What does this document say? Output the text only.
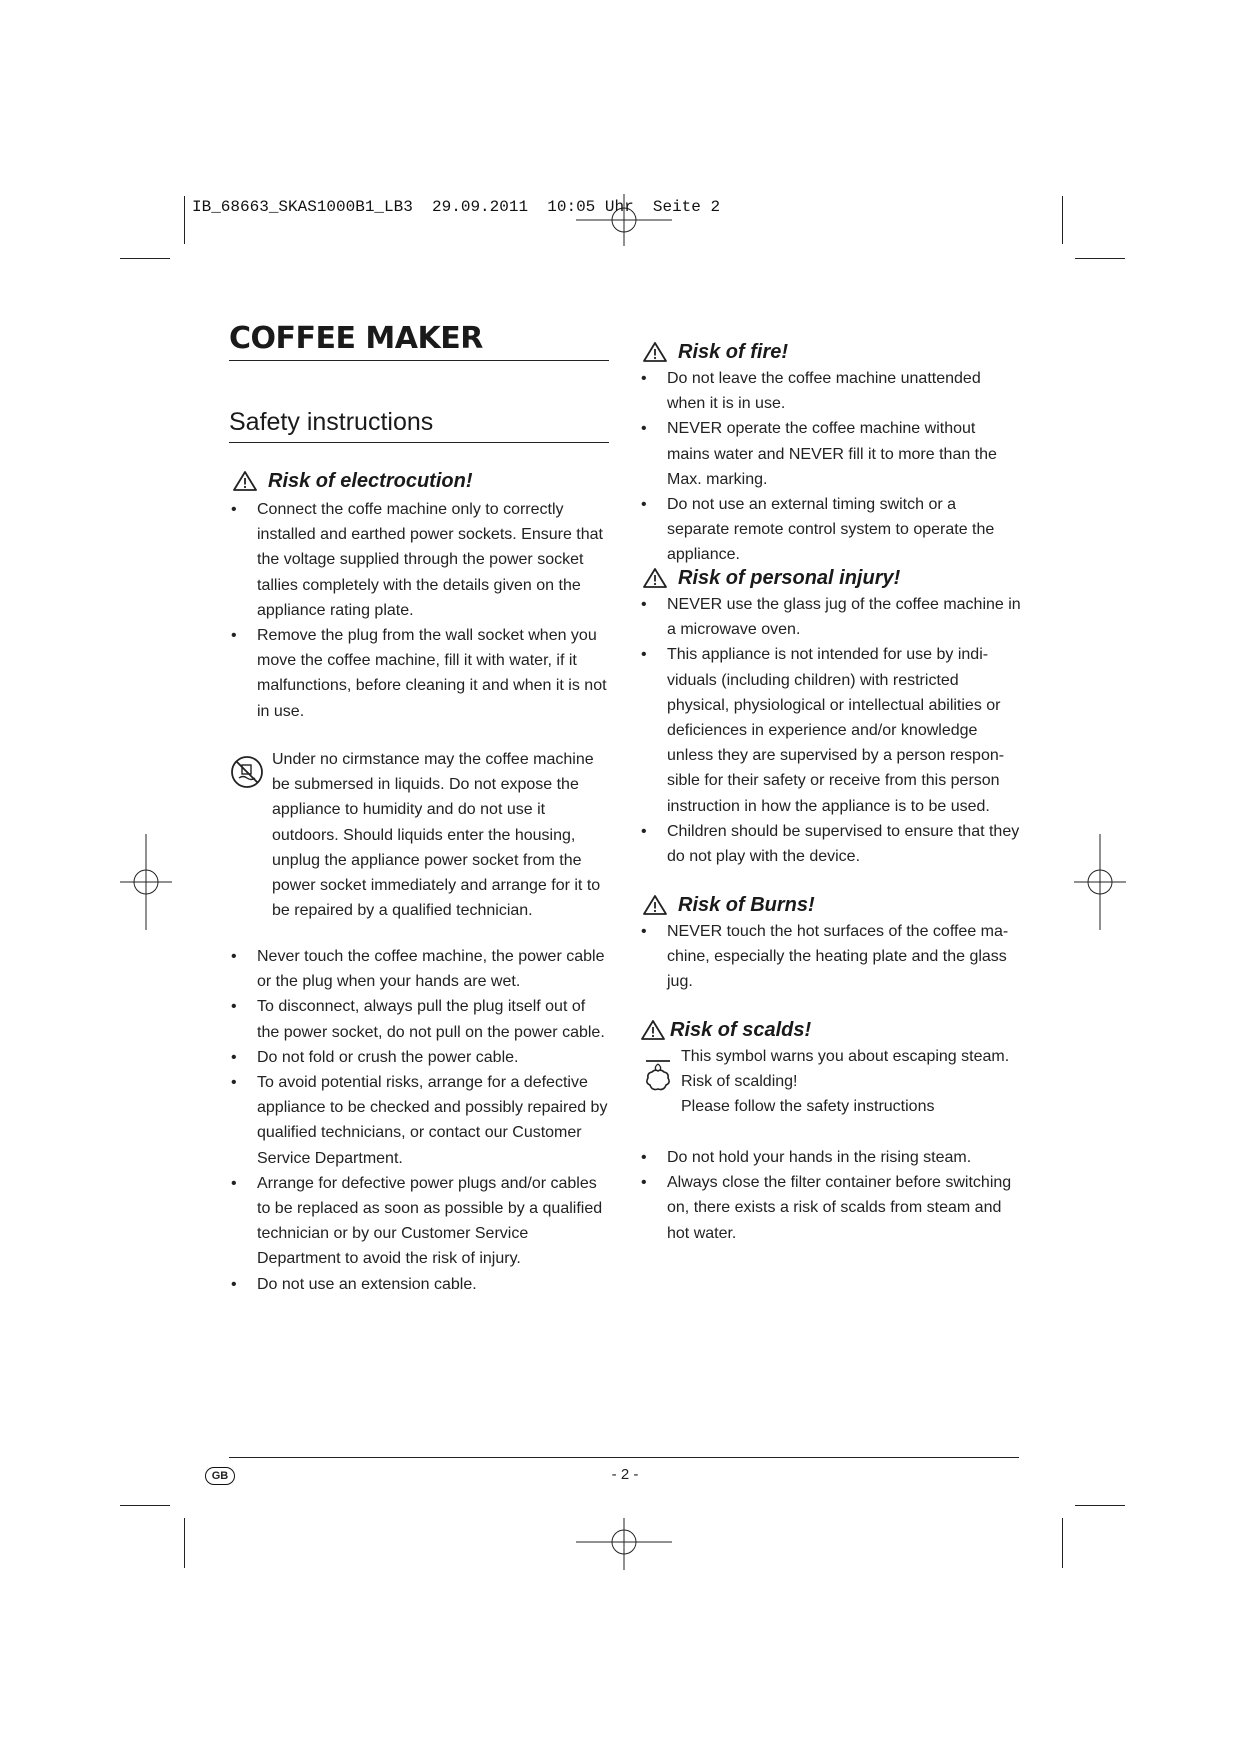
IB_68663_SKAS1000B1_LB3  29.09.2011  10:05 Uhr  Seite 2
COFFEE MAKER
Safety instructions
Risk of electrocution!
• Connect the coffe machine only to correctly installed and earthed power sockets. Ensure that the voltage supplied through the power socket tallies completely with the details given on the appliance rating plate.
• Remove the plug from the wall socket when you move the coffee machine, fill it with water, if it malfunctions, before cleaning it and when it is not in use.
Under no cirmstance may the coffee machine be submersed in liquids. Do not expose the appliance to humidity and do not use it outdoors. Should liquids enter the housing, unplug the appliance power socket from the power socket immediately and arrange for it to be repaired by a qualified technician.
• Never touch the coffee machine, the power cable or the plug when your hands are wet.
• To disconnect, always pull the plug itself out of the power socket, do not pull on the power cable.
• Do not fold or crush the power cable.
• To avoid potential risks, arrange for a defective appliance to be checked and possibly repaired by qualified technicians, or contact our Customer Service Department.
• Arrange for defective power plugs and/or cables to be replaced as soon as possible by a qualified technician or by our Customer Service Department to avoid the risk of injury.
• Do not use an extension cable.
Risk of fire!
• Do not leave the coffee machine unattended when it is in use.
• NEVER operate the coffee machine without mains water and NEVER fill it to more than the Max. marking.
• Do not use an external timing switch or a separate remote control system to operate the appliance.
Risk of personal injury!
• NEVER use the glass jug of the coffee machine in a microwave oven.
• This appliance is not intended for use by indi-viduals (including children) with restricted physical, physiological or intellectual abilities or deficiences in experience and/or knowledge unless they are supervised by a person respon-sible for their safety or receive from this person instruction in how the appliance is to be used.
• Children should be supervised to ensure that they do not play with the device.
Risk of Burns!
• NEVER touch the hot surfaces of the coffee ma-chine, especially the heating plate and the glass jug.
Risk of scalds!
This symbol warns you about escaping steam.
Risk of scalding!
Please follow the safety instructions
• Do not hold your hands in the rising steam.
• Always close the filter container before switching on, there exists a risk of scalds from steam and hot water.
GB	- 2 -
